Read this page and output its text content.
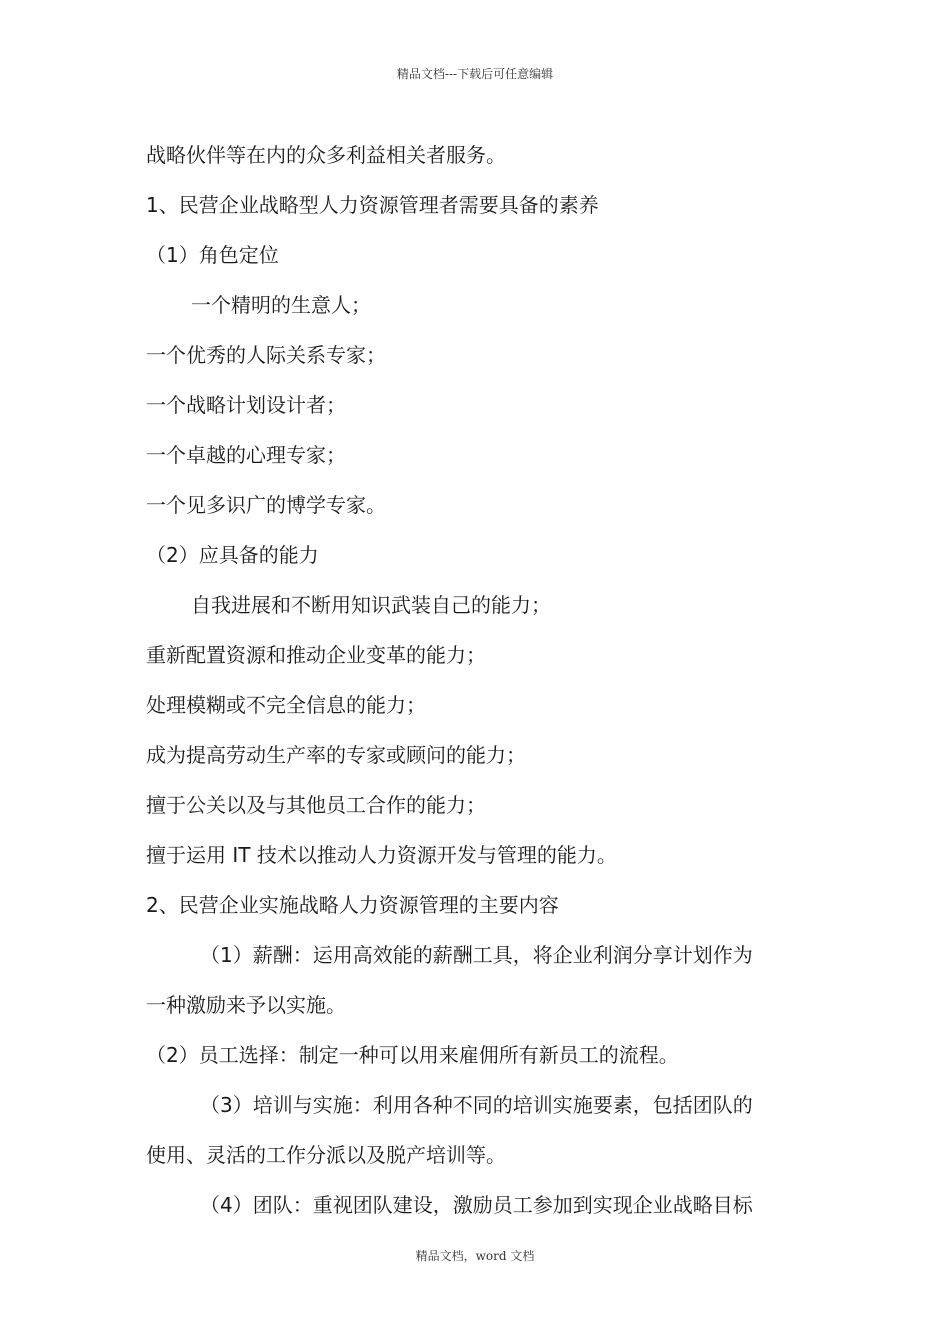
精品文档---下载后可任意编辑
战略伙伴等在内的众多利益相关者服务。
1、民营企业战略型人力资源管理者需要具备的素养
（1）角色定位
一个精明的生意人；
一个优秀的人际关系专家；
一个战略计划设计者；
一个卓越的心理专家；
一个见多识广的博学专家。
（2）应具备的能力
自我进展和不断用知识武装自己的能力；
重新配置资源和推动企业变革的能力；
处理模糊或不完全信息的能力；
成为提高劳动生产率的专家或顾问的能力；
擅于公关以及与其他员工合作的能力；
擅于运用 IT 技术以推动人力资源开发与管理的能力。
2、民营企业实施战略人力资源管理的主要内容
（1）薪酬：运用高效能的薪酬工具，将企业利润分享计划作为
一种激励来予以实施。
（2）员工选择：制定一种可以用来雇佣所有新员工的流程。
（3）培训与实施：利用各种不同的培训实施要素，包括团队的
使用、灵活的工作分派以及脱产培训等。
（4）团队：重视团队建设，激励员工参加到实现企业战略目标
精品文档，word 文档
